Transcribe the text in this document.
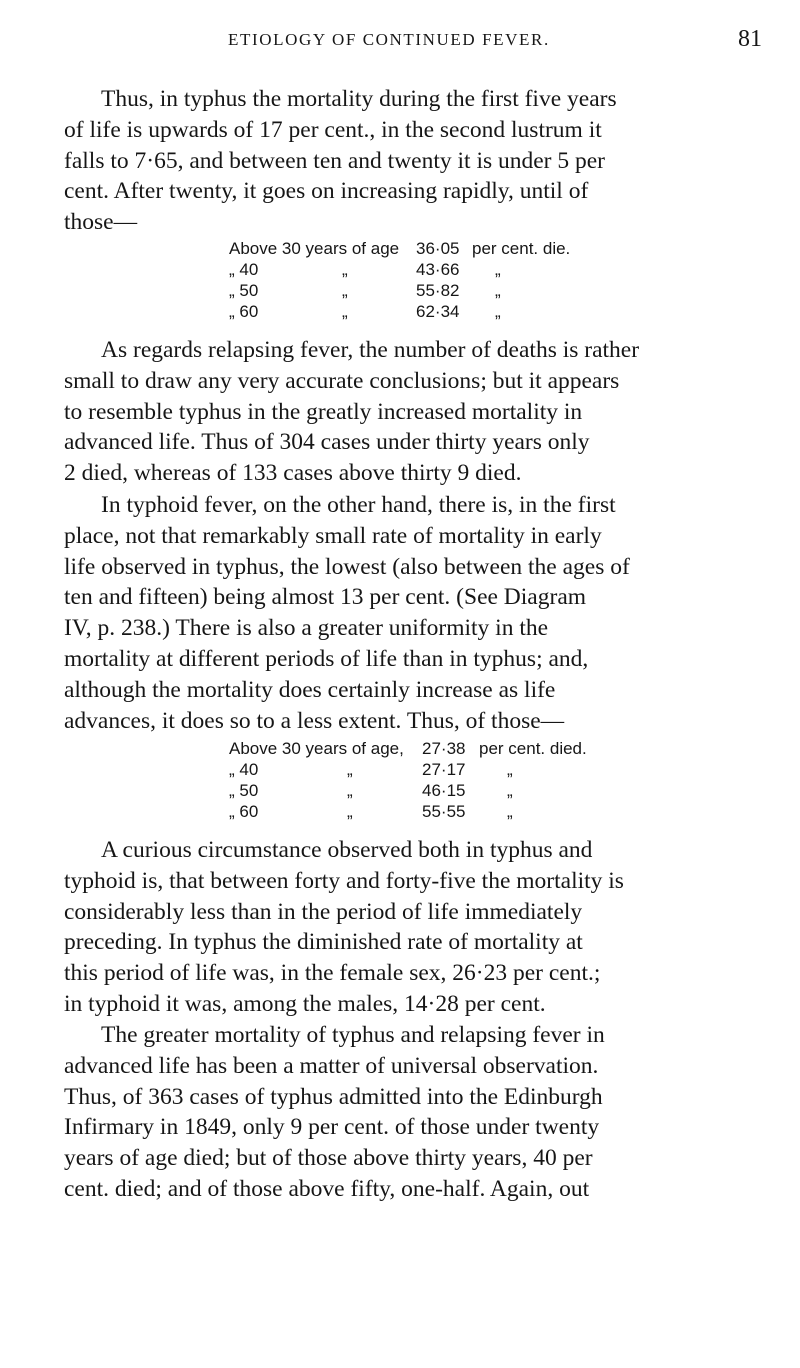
ETIOLOGY OF CONTINUED FEVER.	81
Thus, in typhus the mortality during the first five years
of life is upwards of 17 per cent., in the second lustrum it
falls to 7·65, and between ten and twenty it is under 5 per
cent. After twenty, it goes on increasing rapidly, until of
those—
Above 30 years of age 36·05 per cent. die.
„ 40	„	43·66 „
„ 50	„	55·82 „
„ 60	„	62·34 „
As regards relapsing fever, the number of deaths is rather
small to draw any very accurate conclusions; but it appears
to resemble typhus in the greatly increased mortality in
advanced life. Thus of 304 cases under thirty years only
2 died, whereas of 133 cases above thirty 9 died.
In typhoid fever, on the other hand, there is, in the first
place, not that remarkably small rate of mortality in early
life observed in typhus, the lowest (also between the ages of
ten and fifteen) being almost 13 per cent. (See Diagram
IV, p. 238.) There is also a greater uniformity in the
mortality at different periods of life than in typhus; and,
although the mortality does certainly increase as life
advances, it does so to a less extent. Thus, of those—
Above 30 years of age, 27·38 per cent. died.
„ 40	„	27·17 „
„ 50	„	46·15 „
„ 60	„	55·55 „
A curious circumstance observed both in typhus and
typhoid is, that between forty and forty-five the mortality is
considerably less than in the period of life immediately
preceding. In typhus the diminished rate of mortality at
this period of life was, in the female sex, 26·23 per cent.;
in typhoid it was, among the males, 14·28 per cent.
The greater mortality of typhus and relapsing fever in
advanced life has been a matter of universal observation.
Thus, of 363 cases of typhus admitted into the Edinburgh
Infirmary in 1849, only 9 per cent. of those under twenty
years of age died; but of those above thirty years, 40 per
cent. died; and of those above fifty, one-half. Again, out
